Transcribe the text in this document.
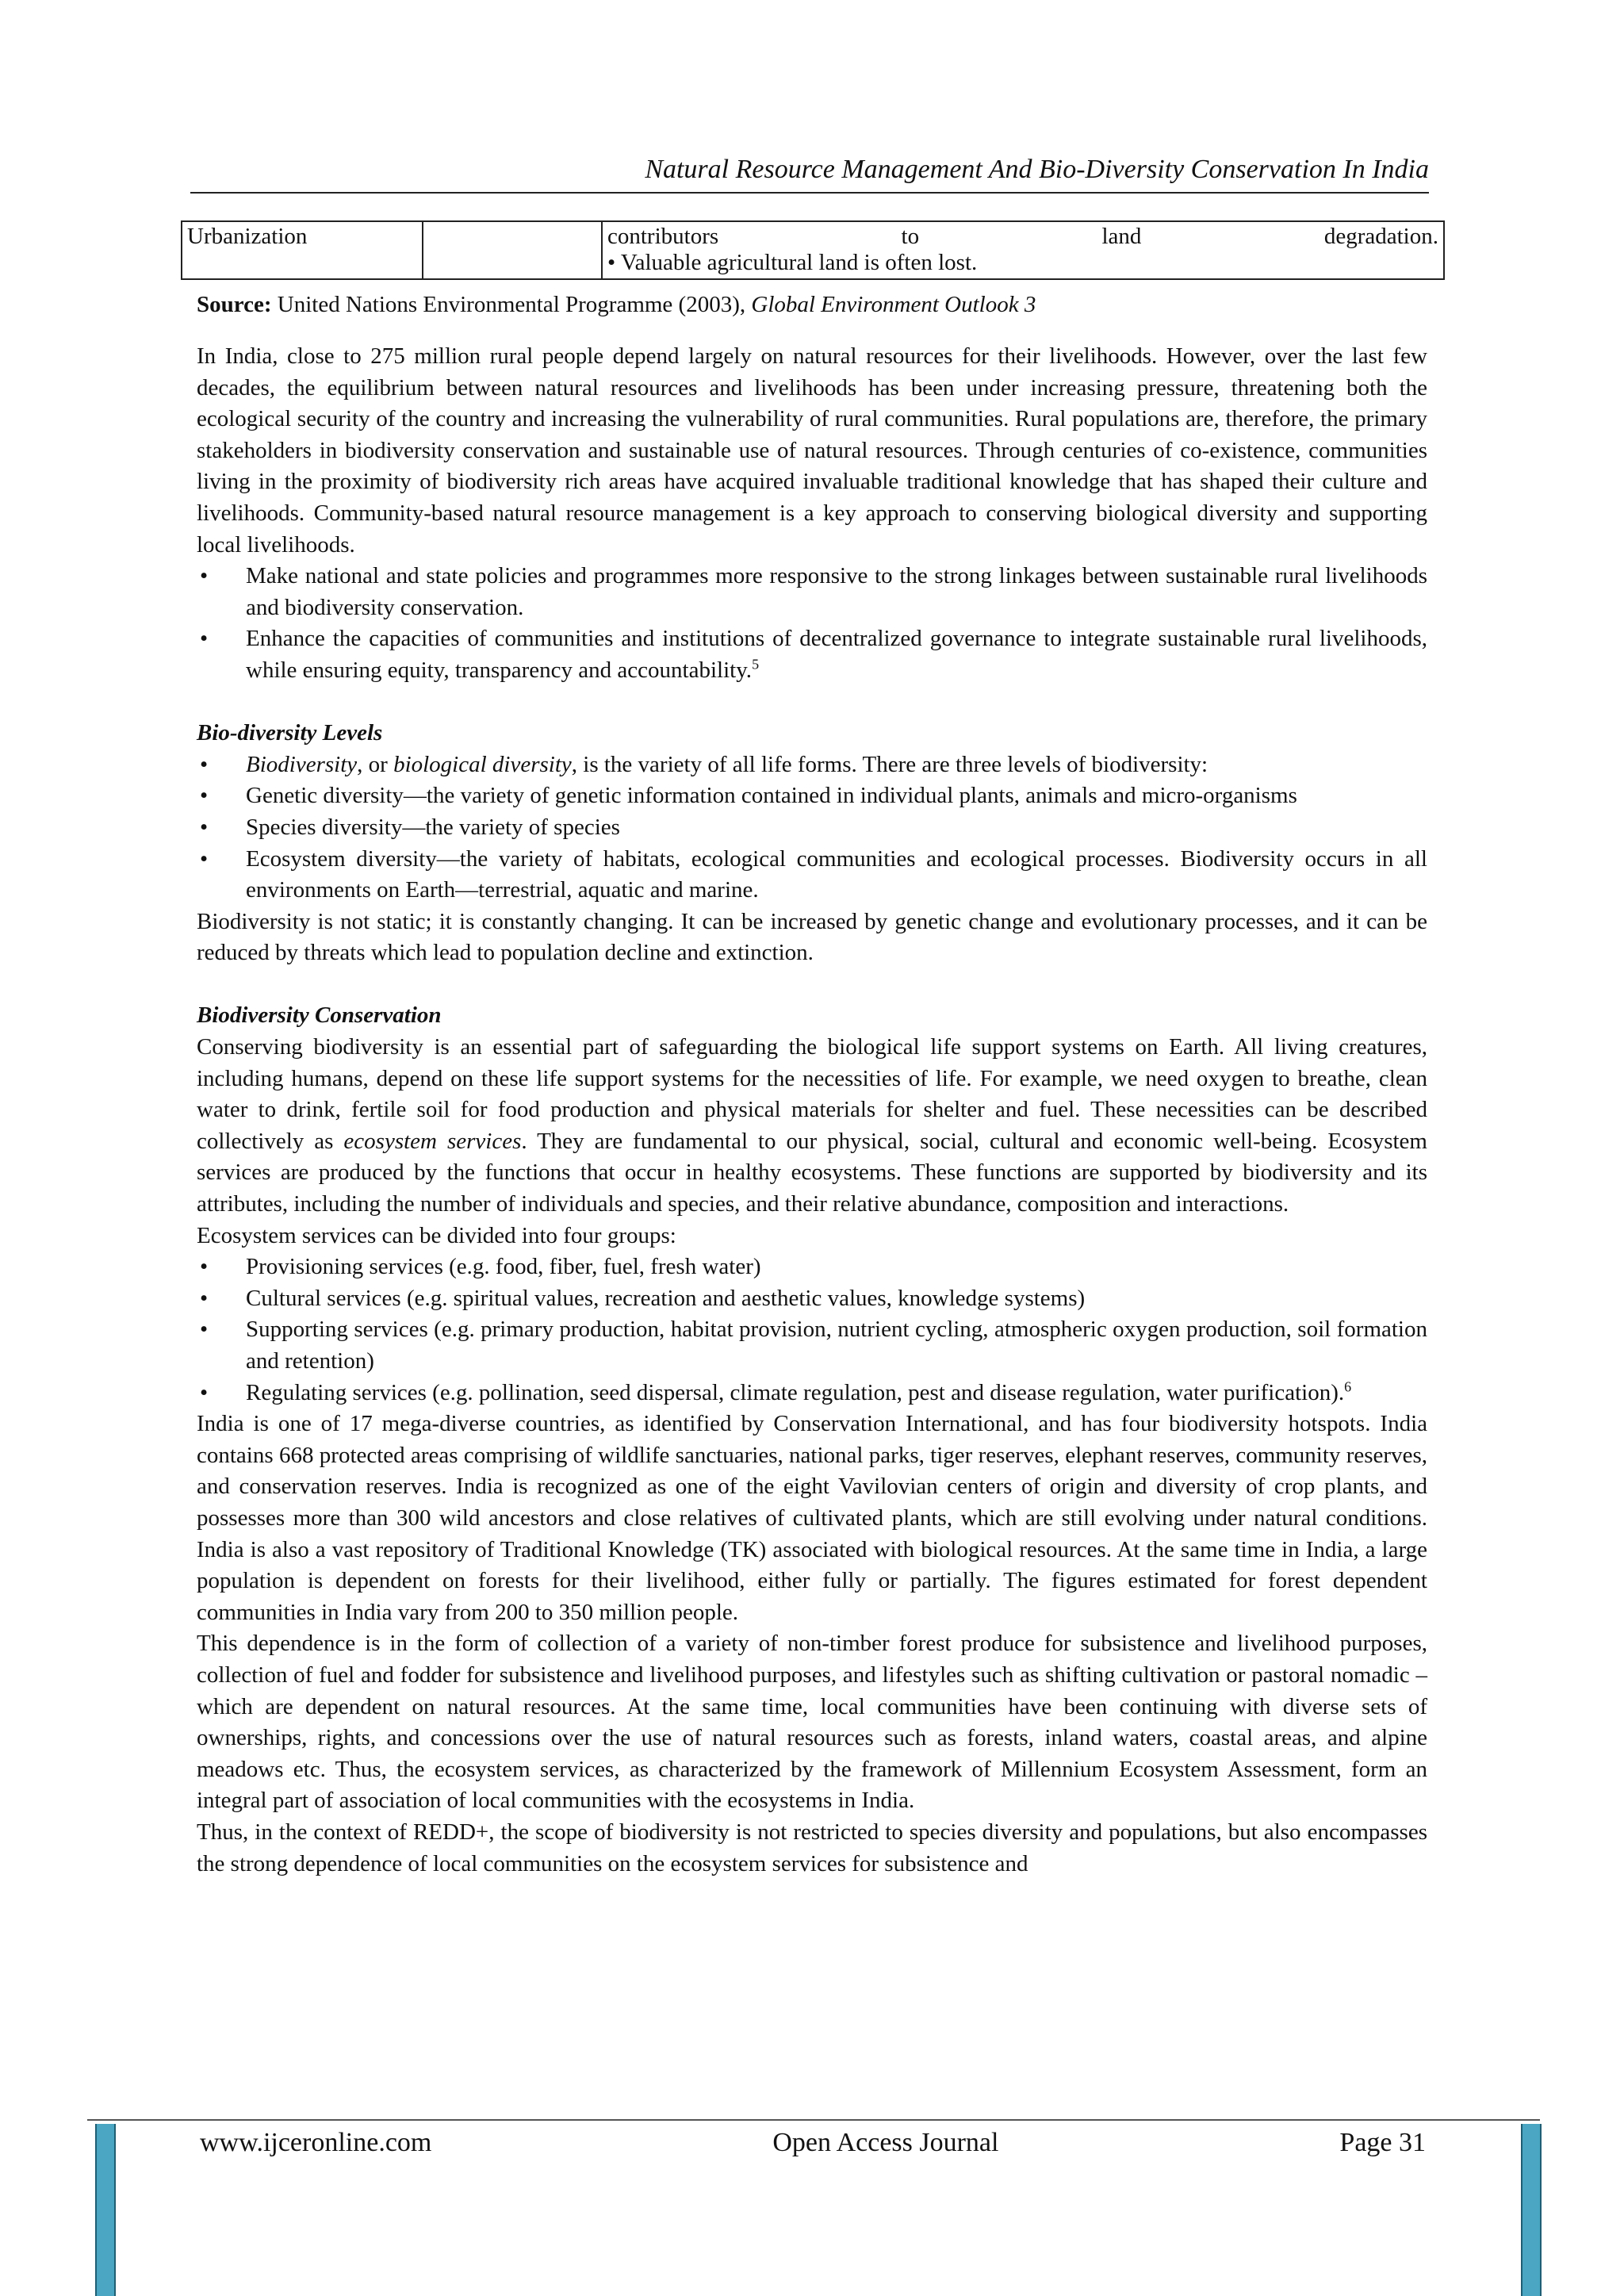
Natural Resource Management And Bio-Diversity Conservation In India
Urbanization		contributors	to	land	degradation.
• Valuable agricultural land is often lost.
Source: United Nations Environmental Programme (2003), Global Environment Outlook 3

In India, close to 275 million rural people depend largely on natural resources for their livelihoods. However, over the last few decades, the equilibrium between natural resources and livelihoods has been under increasing pressure, threatening both the ecological security of the country and increasing the vulnerability of rural communities. Rural populations are, therefore, the primary stakeholders in biodiversity conservation and sustainable use of natural resources. Through centuries of co-existence, communities living in the proximity of biodiversity rich areas have acquired invaluable traditional knowledge that has shaped their culture and livelihoods. Community-based natural resource management is a key approach to conserving biological diversity and supporting local livelihoods.

• Make national and state policies and programmes more responsive to the strong linkages between sustainable rural livelihoods and biodiversity conservation.
• Enhance the capacities of communities and institutions of decentralized governance to integrate sustainable rural livelihoods, while ensuring equity, transparency and accountability.$^5$
Bio-diversity Levels
• Biodiversity, or biological diversity, is the variety of all life forms. There are three levels of biodiversity:
• Genetic diversity—the variety of genetic information contained in individual plants, animals and micro-organisms
• Species diversity—the variety of species
• Ecosystem diversity—the variety of habitats, ecological communities and ecological processes. Biodiversity occurs in all environments on Earth—terrestrial, aquatic and marine.

Biodiversity is not static; it is constantly changing. It can be increased by genetic change and evolutionary processes, and it can be reduced by threats which lead to population decline and extinction.

Biodiversity Conservation

Conserving biodiversity is an essential part of safeguarding the biological life support systems on Earth. All living creatures, including humans, depend on these life support systems for the necessities of life. For example, we need oxygen to breathe, clean water to drink, fertile soil for food production and physical materials for shelter and fuel. These necessities can be described collectively as ecosystem services. They are fundamental to our physical, social, cultural and economic well-being. Ecosystem services are produced by the functions that occur in healthy ecosystems. These functions are supported by biodiversity and its attributes, including the number of individuals and species, and their relative abundance, composition and interactions.

Ecosystem services can be divided into four groups:

• Provisioning services (e.g. food, fiber, fuel, fresh water)
• Cultural services (e.g. spiritual values, recreation and aesthetic values, knowledge systems)
• Supporting services (e.g. primary production, habitat provision, nutrient cycling, atmospheric oxygen production, soil formation and retention)
• Regulating services (e.g. pollination, seed dispersal, climate regulation, pest and disease regulation, water purification).$^6$

India is one of 17 mega-diverse countries, as identified by Conservation International, and has four biodiversity hotspots. India contains 668 protected areas comprising of wildlife sanctuaries, national parks, tiger reserves, elephant reserves, community reserves, and conservation reserves. India is recognized as one of the eight Vavilovian centers of origin and diversity of crop plants, and possesses more than 300 wild ancestors and close relatives of cultivated plants, which are still evolving under natural conditions. India is also a vast repository of Traditional Knowledge (TK) associated with biological resources. At the same time in India, a large population is dependent on forests for their livelihood, either fully or partially. The figures estimated for forest dependent communities in India vary from 200 to 350 million people.

This dependence is in the form of collection of a variety of non-timber forest produce for subsistence and livelihood purposes, collection of fuel and fodder for subsistence and livelihood purposes, and lifestyles such as shifting cultivation or pastoral nomadic – which are dependent on natural resources. At the same time, local communities have been continuing with diverse sets of ownerships, rights, and concessions over the use of natural resources such as forests, inland waters, coastal areas, and alpine meadows etc. Thus, the ecosystem services, as characterized by the framework of Millennium Ecosystem Assessment, form an integral part of association of local communities with the ecosystems in India.

Thus, in the context of REDD+, the scope of biodiversity is not restricted to species diversity and populations, but also encompasses the strong dependence of local communities on the ecosystem services for subsistence and

www.ijceronline.com	Open Access Journal	Page 31
